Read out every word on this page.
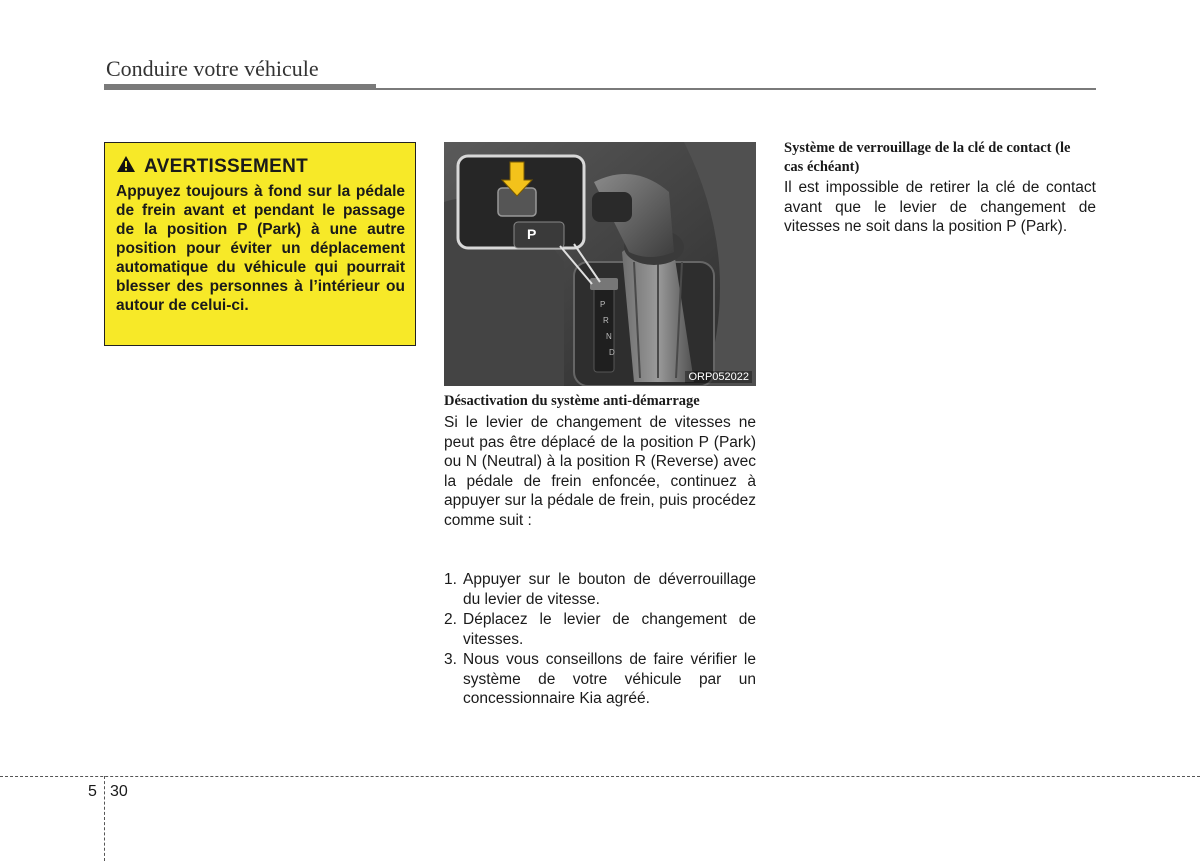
Conduire votre véhicule
AVERTISSEMENT
Appuyez toujours à fond sur la pédale de frein avant et pendant le passage de la position P (Park) à une autre position pour éviter un déplacement automatique du véhicule qui pourrait blesser des personnes à l’intérieur ou autour de celui-ci.
P
P
R
N
D
ORP052022
Désactivation du système anti-démarrage
Si le levier de changement de vitesses ne peut pas être déplacé de la position P (Park) ou N (Neutral) à la position R (Reverse) avec la pédale de frein enfoncée, continuez à appuyer sur la pédale de frein, puis procédez comme suit :
1. Appuyer sur le bouton de déverrouillage du levier de vitesse.
2. Déplacez le levier de changement de vitesses.
3. Nous vous conseillons de faire vérifier le système de votre véhicule par un concessionnaire Kia agréé.
Système de verrouillage de la clé de contact (le cas échéant)
Il est impossible de retirer la clé de contact avant que le levier de changement de vitesses ne soit dans la position P (Park).
5 30
